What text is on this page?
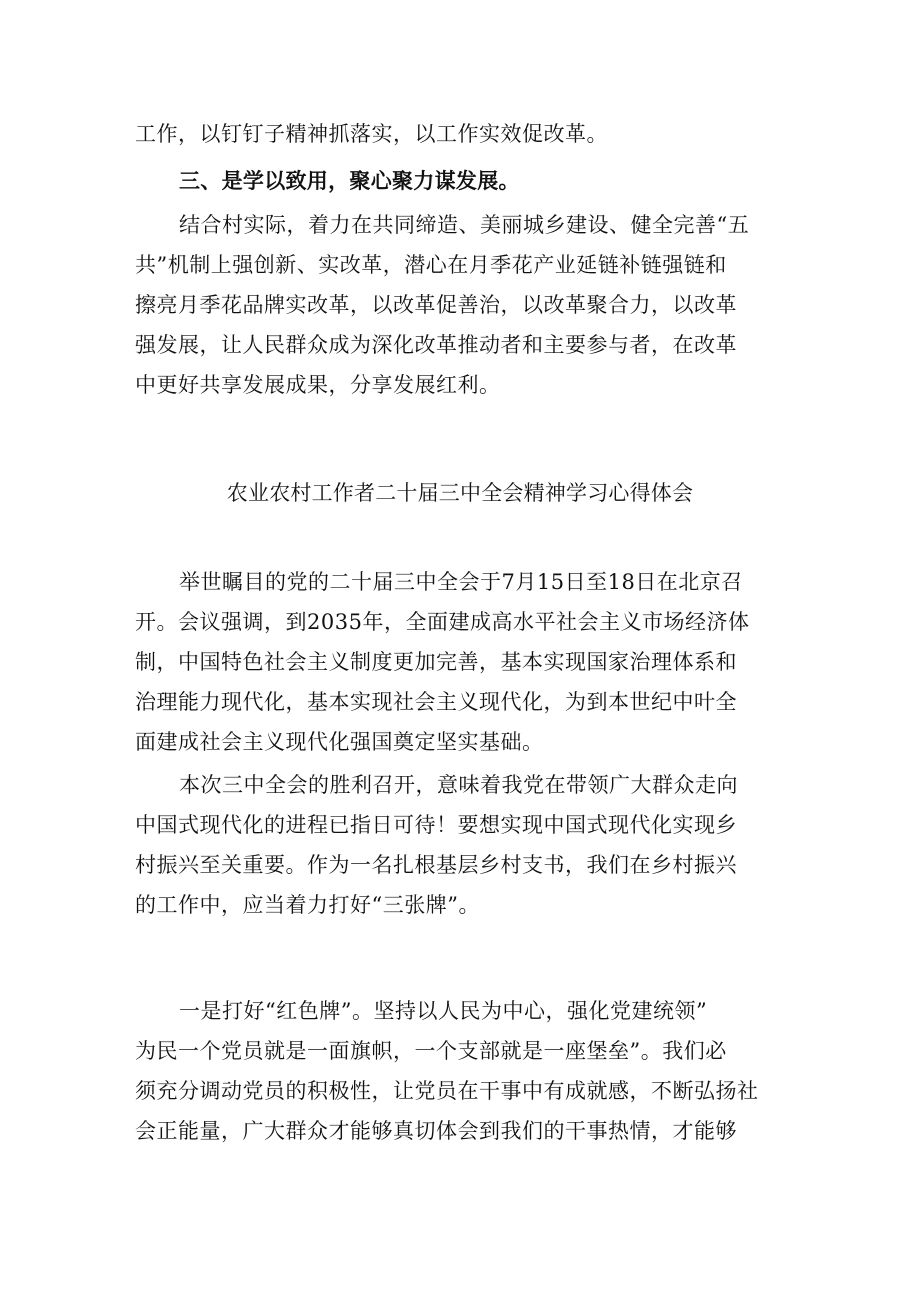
工作，以钉钉子精神抓落实，以工作实效促改革。
三、是学以致用，聚心聚力谋发展。
结合村实际，着力在共同缔造、美丽城乡建设、健全完善“五
共”机制上强创新、实改革，潜心在月季花产业延链补链强链和
擦亮月季花品牌实改革，以改革促善治，以改革聚合力，以改革
强发展，让人民群众成为深化改革推动者和主要参与者，在改革
中更好共享发展成果，分享发展红利。
农业农村工作者二十届三中全会精神学习心得体会
举世瞩目的党的二十届三中全会于7月15日至18日在北京召
开。会议强调，到2035年，全面建成高水平社会主义市场经济体
制，中国特色社会主义制度更加完善，基本实现国家治理体系和
治理能力现代化，基本实现社会主义现代化，为到本世纪中叶全
面建成社会主义现代化强国奠定坚实基础。
本次三中全会的胜利召开，意味着我党在带领广大群众走向
中国式现代化的进程已指日可待！要想实现中国式现代化实现乡
村振兴至关重要。作为一名扎根基层乡村支书，我们在乡村振兴
的工作中，应当着力打好“三张牌”。
一是打好“红色牌”。坚持以人民为中心，强化党建统领”
为民一个党员就是一面旗帜，一个支部就是一座堡垒”。我们必
须充分调动党员的积极性，让党员在干事中有成就感，不断弘扬社
会正能量，广大群众才能够真切体会到我们的干事热情，才能够
